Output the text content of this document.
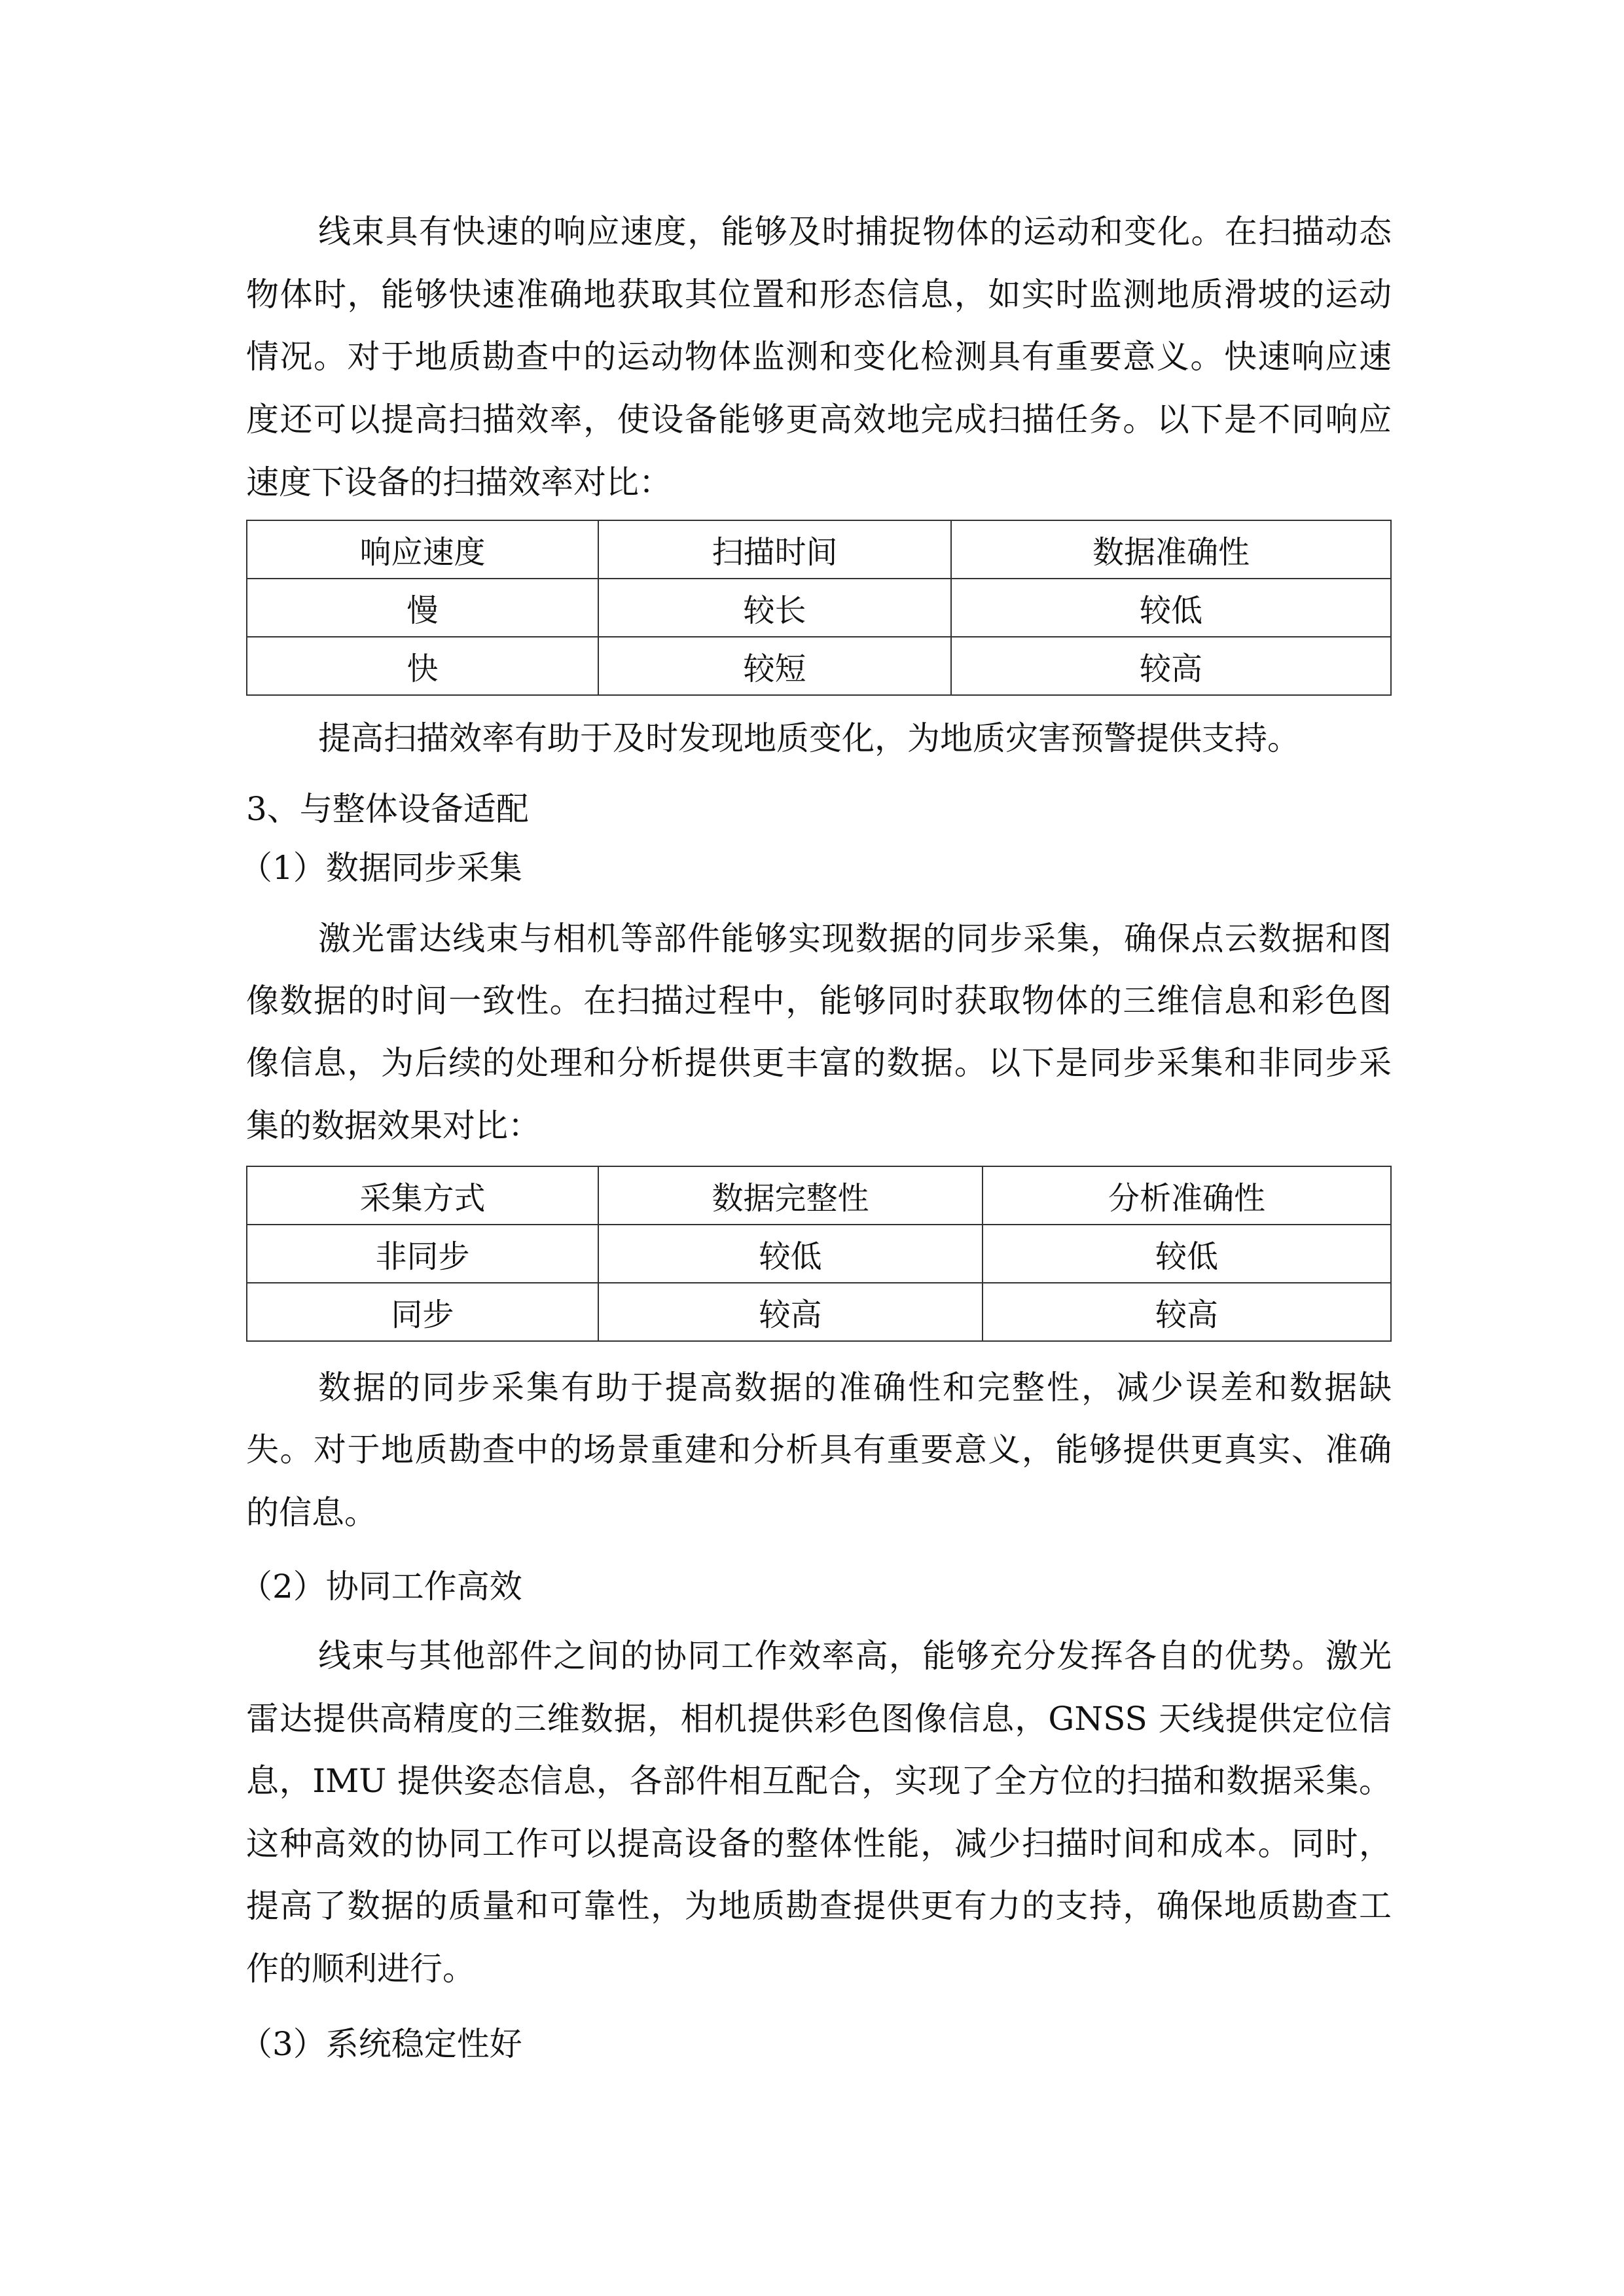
线束具有快速的响应速度，能够及时捕捉物体的运动和变化。在扫描动态
物体时，能够快速准确地获取其位置和形态信息，如实时监测地质滑坡的运动
情况。对于地质勘查中的运动物体监测和变化检测具有重要意义。快速响应速
度还可以提高扫描效率，使设备能够更高效地完成扫描任务。以下是不同响应
速度下设备的扫描效率对比：
响应速度	扫描时间	数据准确性
慢	较长	较低
快	较短	较高
提高扫描效率有助于及时发现地质变化，为地质灾害预警提供支持。
3、与整体设备适配
（1）数据同步采集
激光雷达线束与相机等部件能够实现数据的同步采集，确保点云数据和图
像数据的时间一致性。在扫描过程中，能够同时获取物体的三维信息和彩色图
像信息，为后续的处理和分析提供更丰富的数据。以下是同步采集和非同步采
集的数据效果对比：
采集方式	数据完整性	分析准确性
非同步	较低	较低
同步	较高	较高
数据的同步采集有助于提高数据的准确性和完整性，减少误差和数据缺
失。对于地质勘查中的场景重建和分析具有重要意义，能够提供更真实、准确
的信息。
（2）协同工作高效
线束与其他部件之间的协同工作效率高，能够充分发挥各自的优势。激光
雷达提供高精度的三维数据，相机提供彩色图像信息，GNSS 天线提供定位信
息，IMU 提供姿态信息，各部件相互配合，实现了全方位的扫描和数据采集。
这种高效的协同工作可以提高设备的整体性能，减少扫描时间和成本。同时，
提高了数据的质量和可靠性，为地质勘查提供更有力的支持，确保地质勘查工
作的顺利进行。
（3）系统稳定性好
